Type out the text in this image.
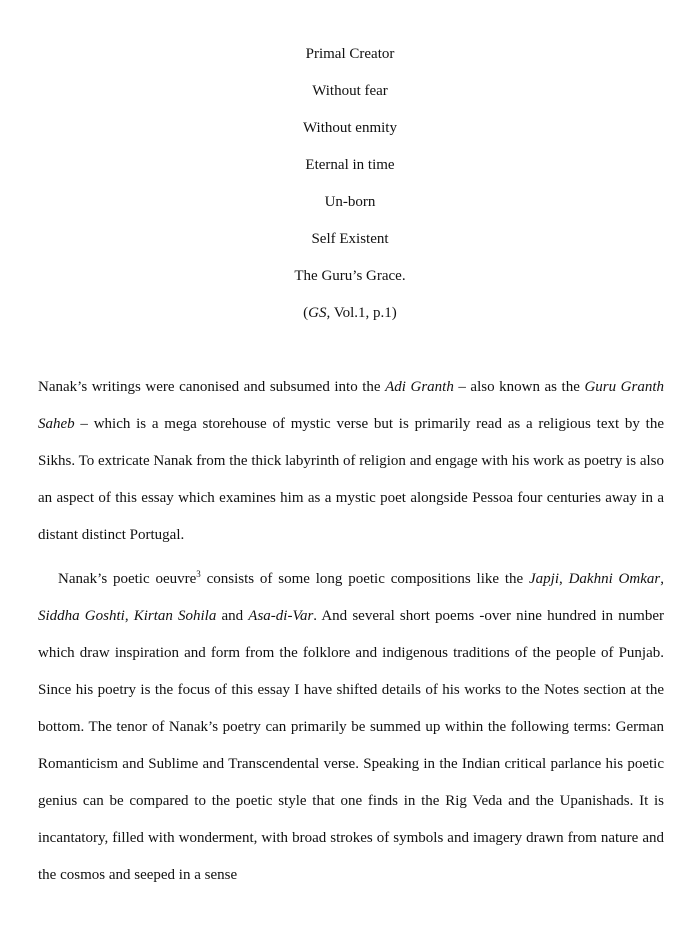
Primal Creator
Without fear
Without enmity
Eternal in time
Un-born
Self Existent
The Guru’s Grace.
(GS, Vol.1, p.1)

Nanak’s writings were canonised and subsumed into the Adi Granth – also known as the Guru Granth Saheb – which is a mega storehouse of mystic verse but is primarily read as a religious text by the Sikhs. To extricate Nanak from the thick labyrinth of religion and engage with his work as poetry is also an aspect of this essay which examines him as a mystic poet alongside Pessoa four centuries away in a distant distinct Portugal.

Nanak’s poetic oeuvre$^3$ consists of some long poetic compositions like the Japji, Dakhni Omkar, Siddha Goshti, Kirtan Sohila and Asa-di-Var. And several short poems -over nine hundred in number which draw inspiration and form from the folklore and indigenous traditions of the people of Punjab. Since his poetry is the focus of this essay I have shifted details of his works to the Notes section at the bottom. The tenor of Nanak’s poetry can primarily be summed up within the following terms: German Romanticism and Sublime and Transcendental verse. Speaking in the Indian critical parlance his poetic genius can be compared to the poetic style that one finds in the Rig Veda and the Upanishads. It is incantatory, filled with wonderment, with broad strokes of symbols and imagery drawn from nature and the cosmos and seeped in a sense
